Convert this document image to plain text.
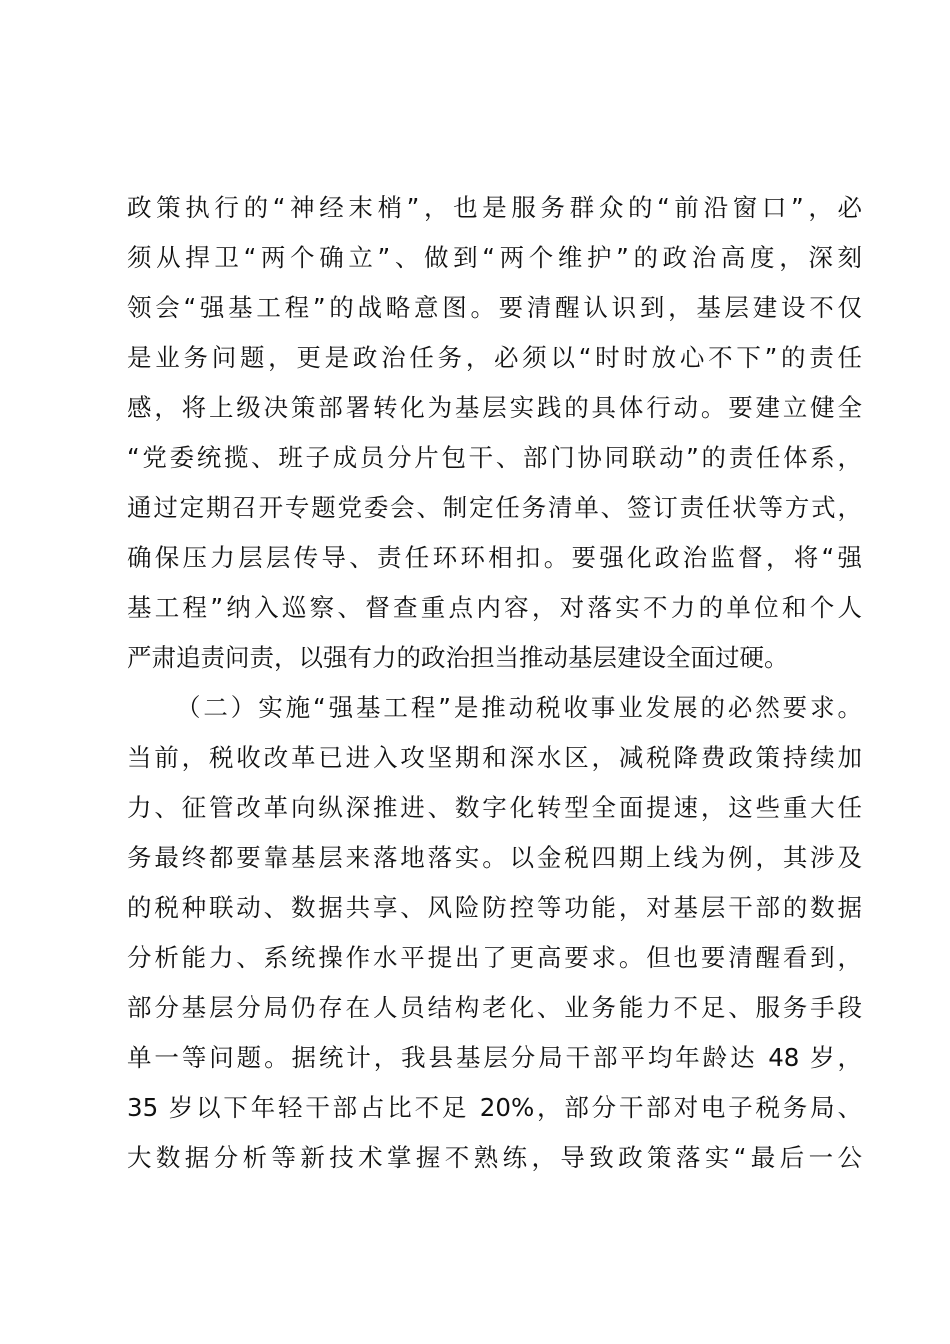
政策执行的“神经末梢”，也是服务群众的“前沿窗口”，必
须从捍卫“两个确立”、做到“两个维护”的政治高度，深刻
领会“强基工程”的战略意图。要清醒认识到，基层建设不仅
是业务问题，更是政治任务，必须以“时时放心不下”的责任
感，将上级决策部署转化为基层实践的具体行动。要建立健全
“党委统揽、班子成员分片包干、部门协同联动”的责任体系，
通过定期召开专题党委会、制定任务清单、签订责任状等方式，
确保压力层层传导、责任环环相扣。要强化政治监督，将“强
基工程”纳入巡察、督查重点内容，对落实不力的单位和个人
严肃追责问责，以强有力的政治担当推动基层建设全面过硬。
（二）实施“强基工程”是推动税收事业发展的必然要求。
当前，税收改革已进入攻坚期和深水区，减税降费政策持续加
力、征管改革向纵深推进、数字化转型全面提速，这些重大任
务最终都要靠基层来落地落实。以金税四期上线为例，其涉及
的税种联动、数据共享、风险防控等功能，对基层干部的数据
分析能力、系统操作水平提出了更高要求。但也要清醒看到，
部分基层分局仍存在人员结构老化、业务能力不足、服务手段
单一等问题。据统计，我县基层分局干部平均年龄达 48 岁，
35 岁以下年轻干部占比不足 20%，部分干部对电子税务局、
大数据分析等新技术掌握不熟练，导致政策落实“最后一公
